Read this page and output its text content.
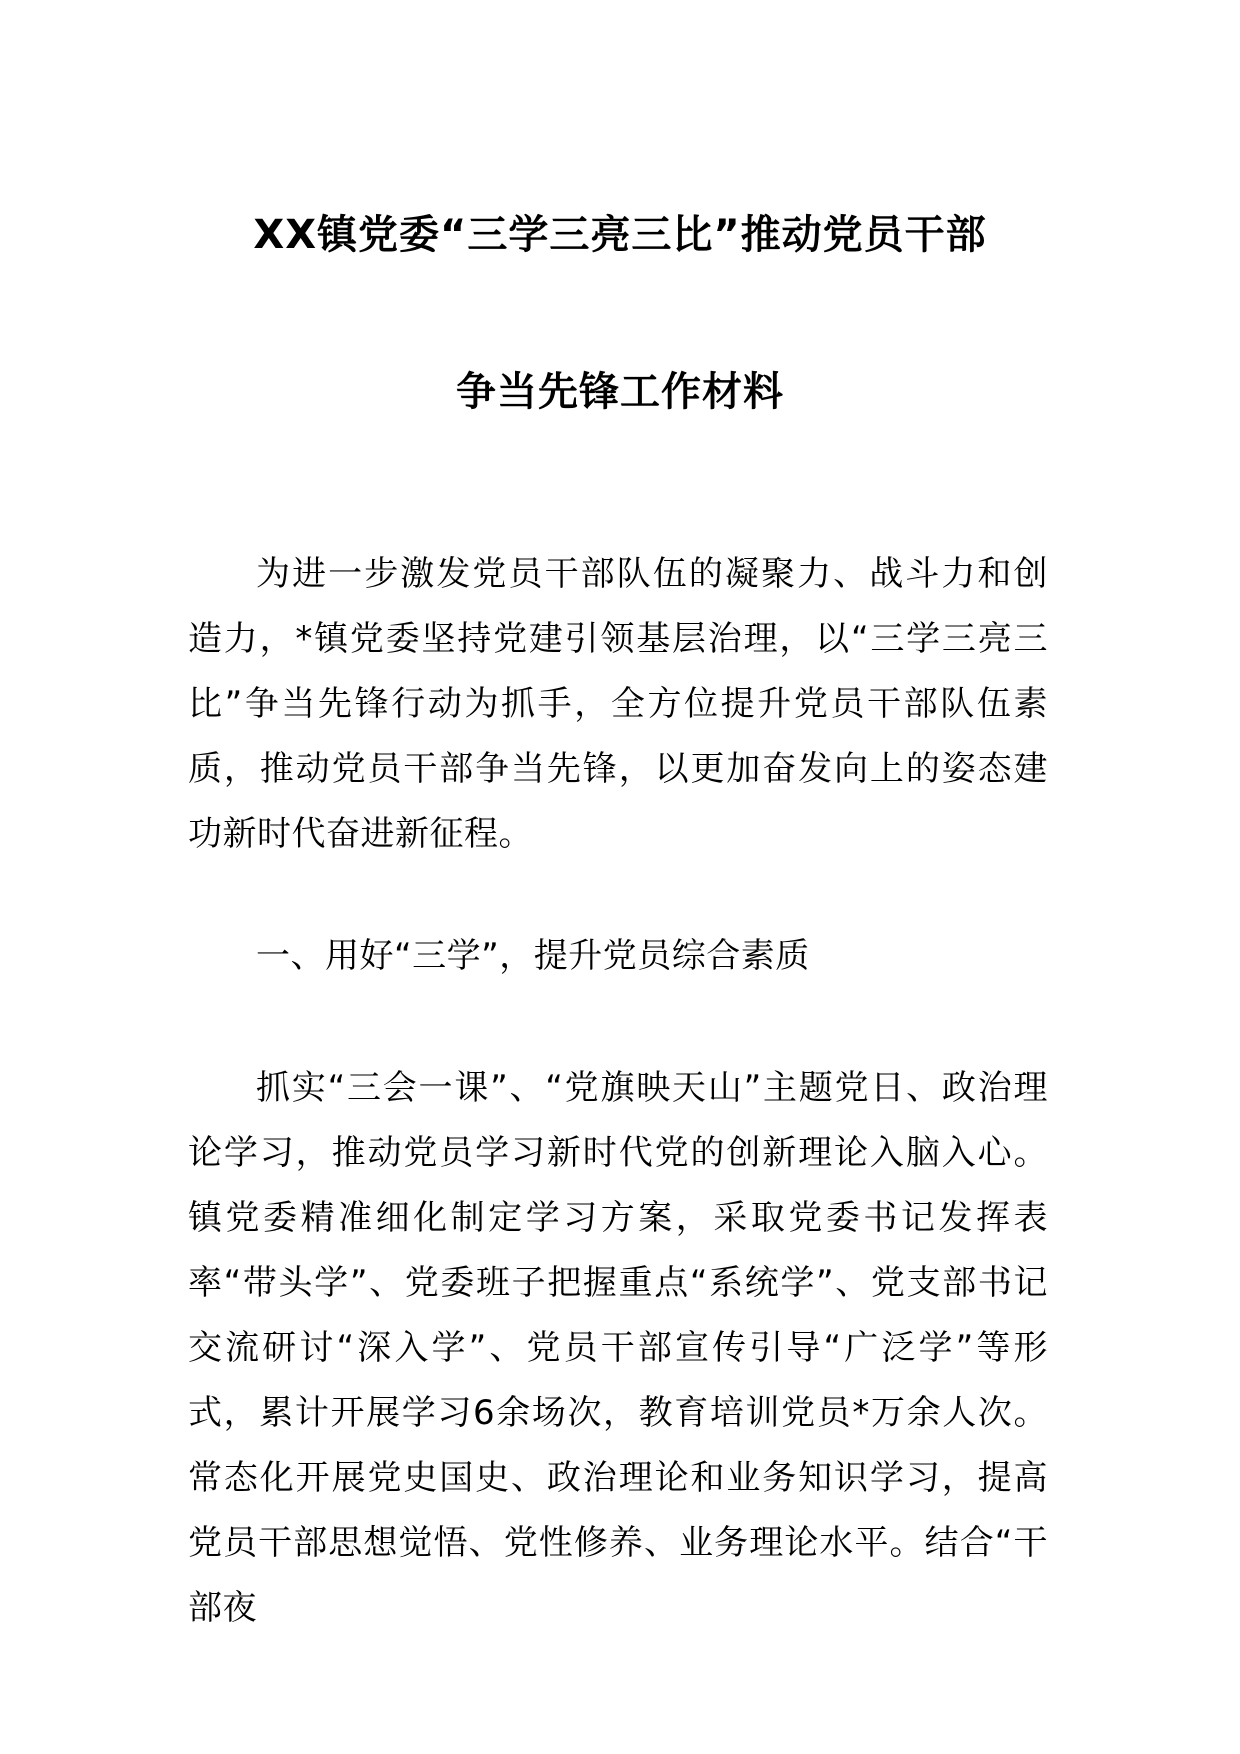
XX镇党委“三学三亮三比”推动党员干部
争当先锋工作材料
为进一步激发党员干部队伍的凝聚力、战斗力和创造力，*镇党委坚持党建引领基层治理，以“三学三亮三比”争当先锋行动为抓手，全方位提升党员干部队伍素质，推动党员干部争当先锋，以更加奋发向上的姿态建功新时代奋进新征程。
一、用好“三学”，提升党员综合素质
抓实“三会一课”、“党旗映天山”主题党日、政治理论学习，推动党员学习新时代党的创新理论入脑入心。镇党委精准细化制定学习方案，采取党委书记发挥表率“带头学”、党委班子把握重点“系统学”、党支部书记交流研讨“深入学”、党员干部宣传引导“广泛学”等形式，累计开展学习6余场次，教育培训党员*万余人次。常态化开展党史国史、政治理论和业务知识学习，提高党员干部思想觉悟、党性修养、业务理论水平。结合“干部夜
